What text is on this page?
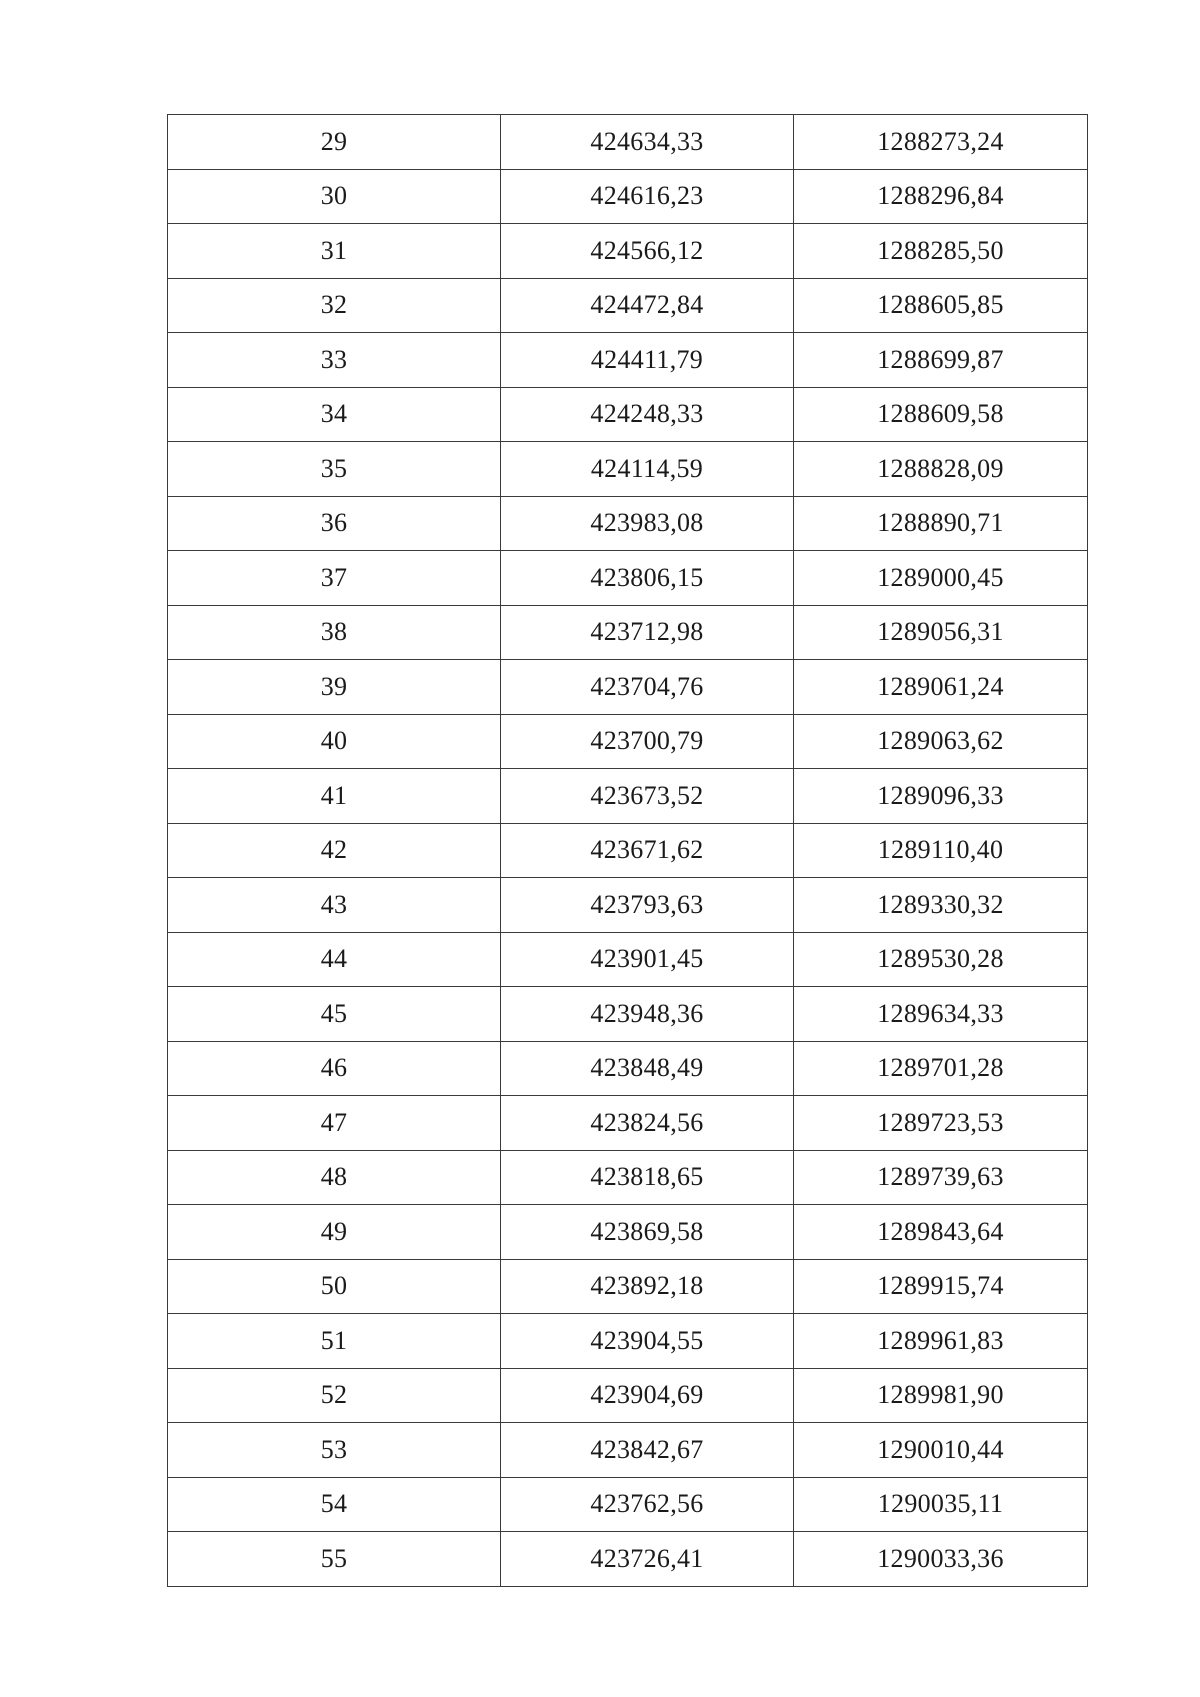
29	424634,33	1288273,24
30	424616,23	1288296,84
31	424566,12	1288285,50
32	424472,84	1288605,85
33	424411,79	1288699,87
34	424248,33	1288609,58
35	424114,59	1288828,09
36	423983,08	1288890,71
37	423806,15	1289000,45
38	423712,98	1289056,31
39	423704,76	1289061,24
40	423700,79	1289063,62
41	423673,52	1289096,33
42	423671,62	1289110,40
43	423793,63	1289330,32
44	423901,45	1289530,28
45	423948,36	1289634,33
46	423848,49	1289701,28
47	423824,56	1289723,53
48	423818,65	1289739,63
49	423869,58	1289843,64
50	423892,18	1289915,74
51	423904,55	1289961,83
52	423904,69	1289981,90
53	423842,67	1290010,44
54	423762,56	1290035,11
55	423726,41	1290033,36
